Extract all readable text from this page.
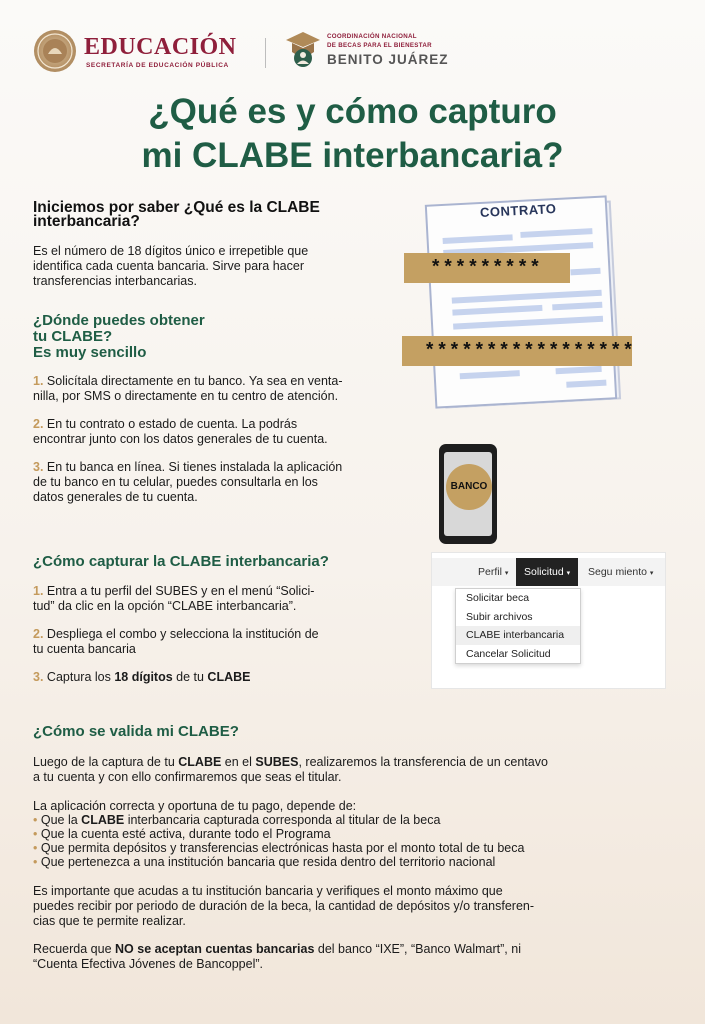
EDUCACIÓN
SECRETARÍA DE EDUCACIÓN PÚBLICA
COORDINACIÓN NACIONAL
DE BECAS PARA EL BIENESTAR
BENITO JUÁREZ
¿Qué es y cómo capturo
mi CLABE interbancaria?
Iniciemos por saber ¿Qué es la CLABE
interbancaria?
Es el número de 18 dígitos único e irrepetible que
identifica cada cuenta bancaria. Sirve para hacer
transferencias interbancarias.
¿Dónde puedes obtener
tu CLABE?
Es muy sencillo
1. Solicítala directamente en tu banco. Ya sea en venta-
nilla, por SMS o directamente en tu centro de atención.
2. En tu contrato o estado de cuenta. La podrás
encontrar junto con los datos generales de tu cuenta.
3. En tu banca en línea. Si tienes instalada la aplicación
de tu banco en tu celular, puedes consultarla en los
datos generales de tu cuenta.
CONTRATO
*********
*****************
BANCO
¿Cómo capturar la CLABE interbancaria?
1. Entra a tu perfil del SUBES y en el menú “Solici-
tud” da clic en la opción “CLABE interbancaria”.
2. Despliega el combo y selecciona la institución de
tu cuenta bancaria
3. Captura los 18 dígitos de tu CLABE
Perfil ▾	Solicitud ▾	Segu miento ▾
Solicitar beca
Subir archivos
CLABE interbancaria
Cancelar Solicitud
¿Cómo se valida mi CLABE?
Luego de la captura de tu CLABE en el SUBES, realizaremos la transferencia de un centavo
a tu cuenta y con ello confirmaremos que seas el titular.
La aplicación correcta y oportuna de tu pago, depende de:
• Que la CLABE interbancaria capturada corresponda al titular de la beca
• Que la cuenta esté activa, durante todo el Programa
• Que permita depósitos y transferencias electrónicas hasta por el monto total de tu beca
• Que pertenezca a una institución bancaria que resida dentro del territorio nacional
Es importante que acudas a tu institución bancaria y verifiques el monto máximo que
puedes recibir por periodo de duración de la beca, la cantidad de depósitos y/o transferen-
cias que te permite realizar.
Recuerda que NO se aceptan cuentas bancarias del banco “IXE”, “Banco Walmart”, ni
“Cuenta Efectiva Jóvenes de Bancoppel”.
